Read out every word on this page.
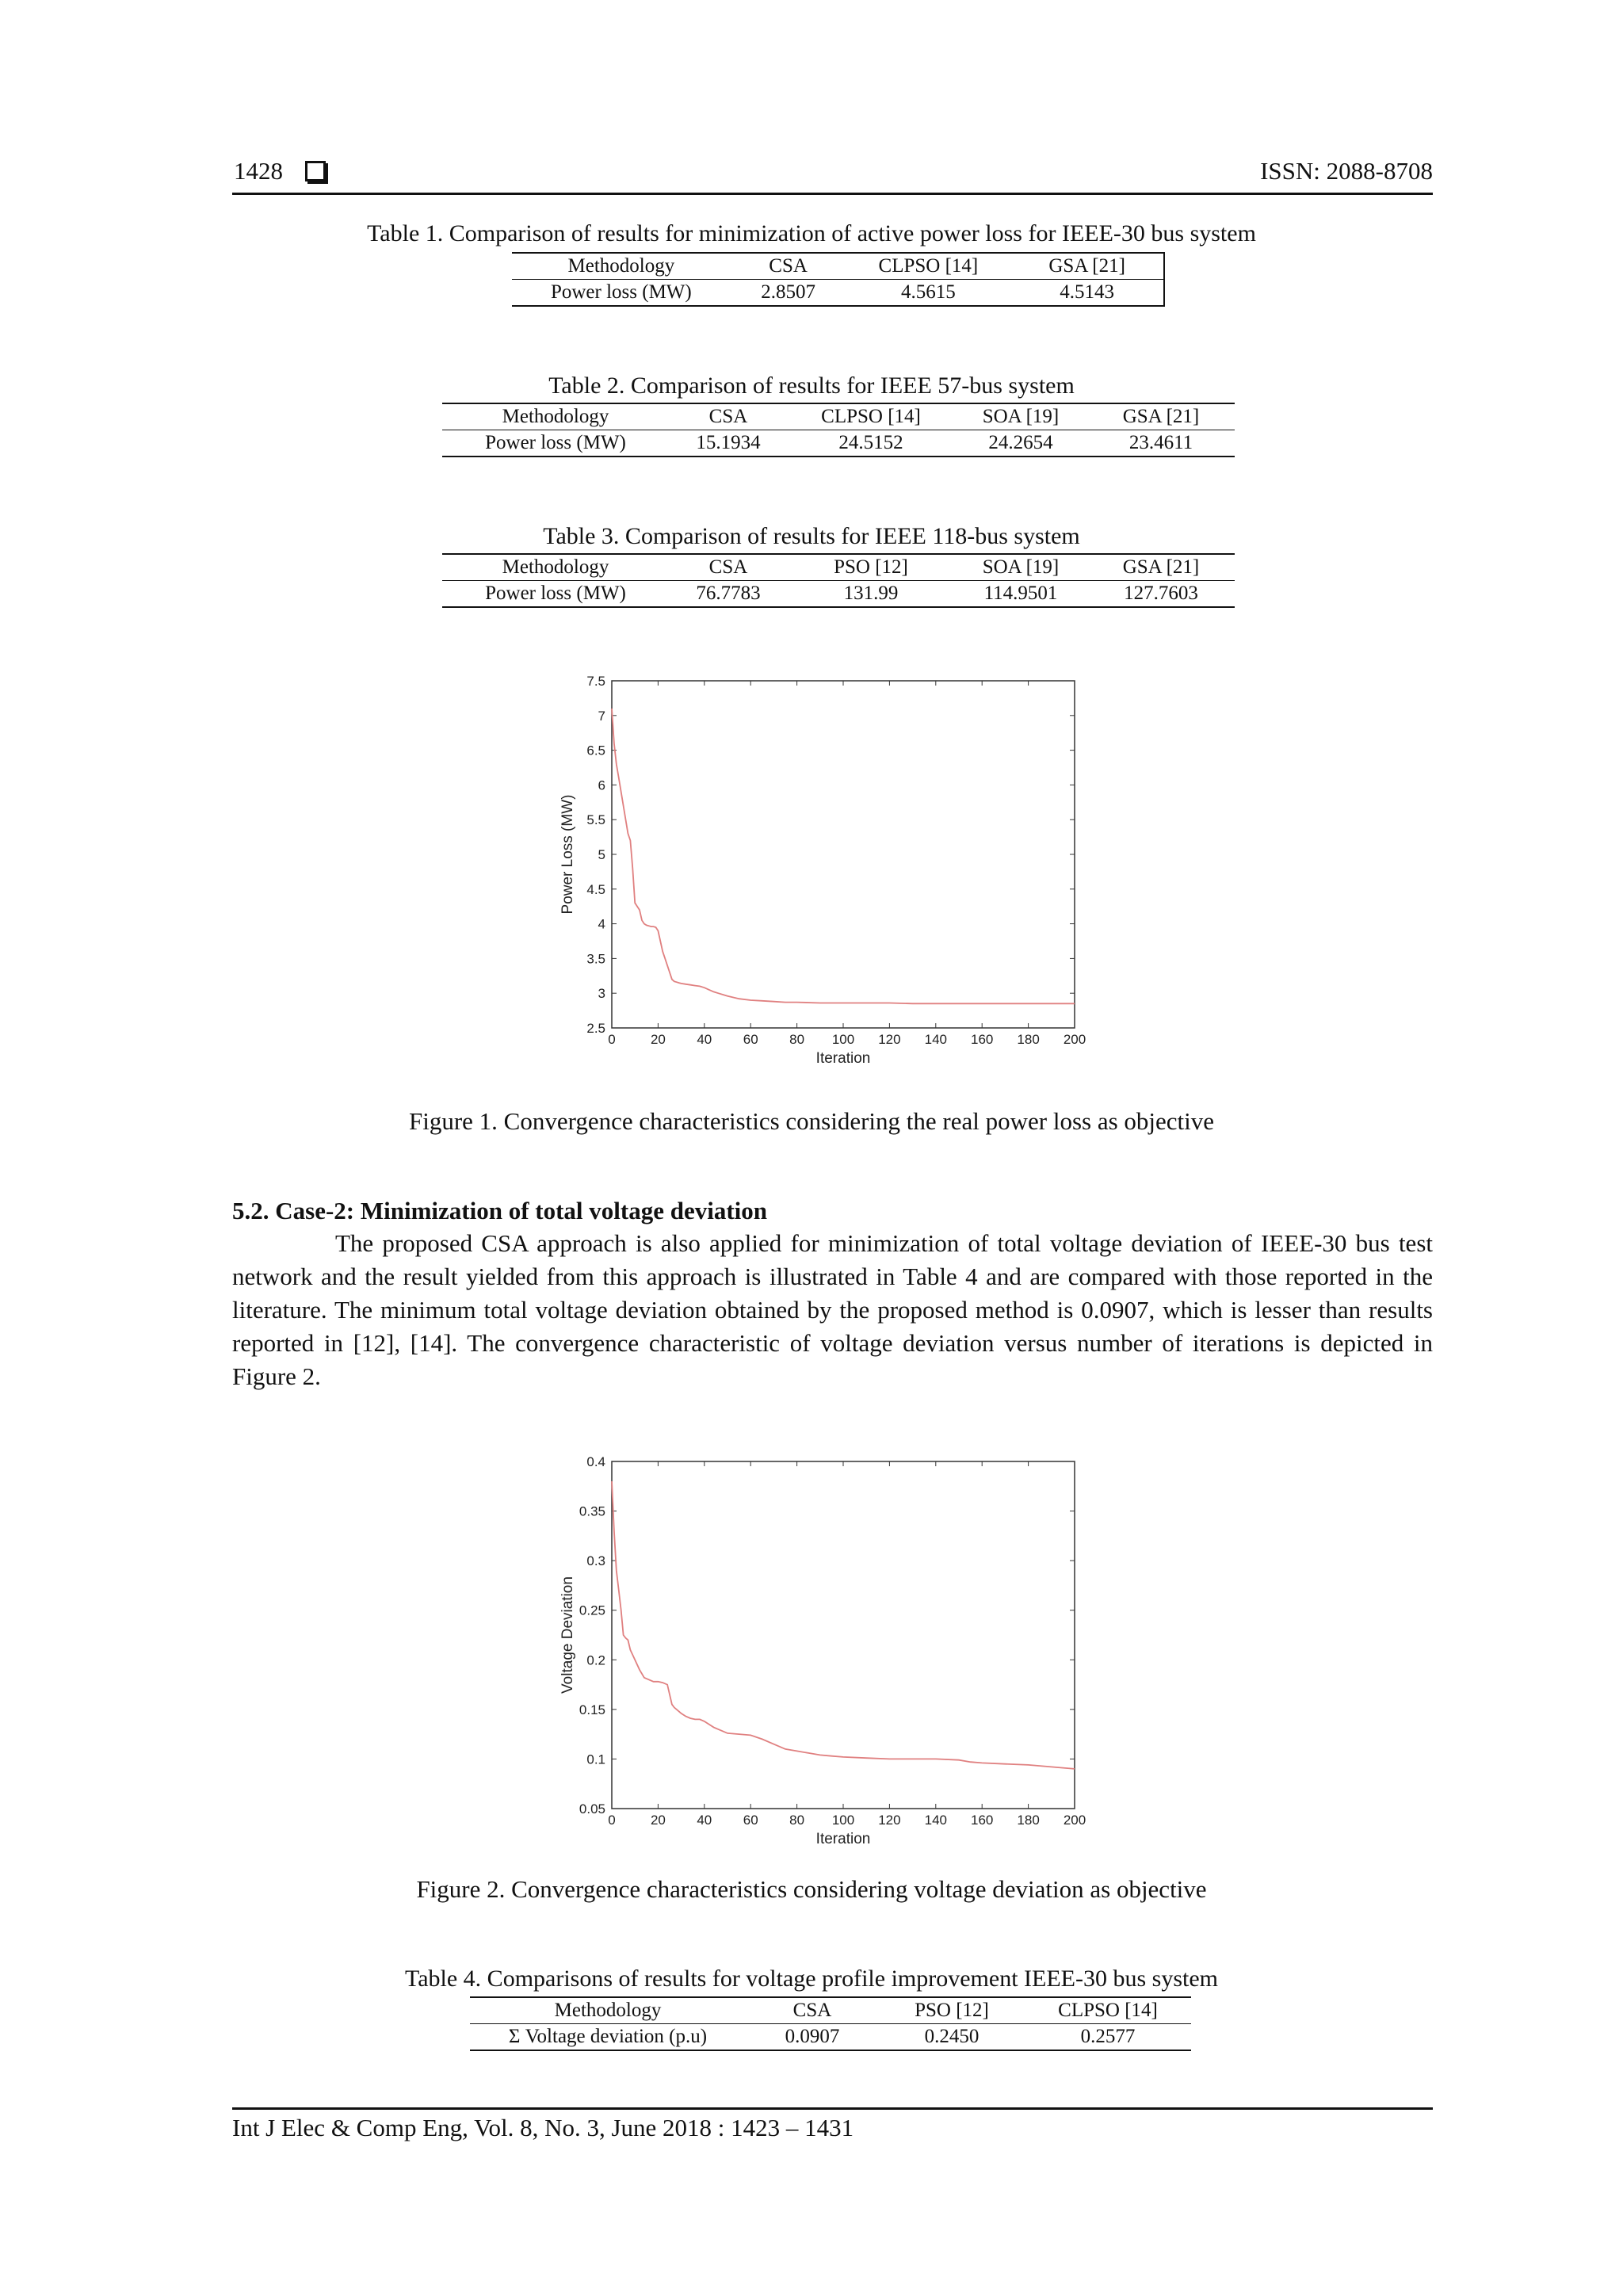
1428	ISSN: 2088-8708
Table 1. Comparison of results for minimization of active power loss for IEEE-30 bus system
Methodology	CSA	CLPSO [14]	GSA [21]
Power loss (MW)	2.8507	4.5615	4.5143
Table 2. Comparison of results for IEEE 57-bus system
Methodology	CSA	CLPSO [14]	SOA [19]	GSA [21]
Power loss (MW)	15.1934	24.5152	24.2654	23.4611
Table 3. Comparison of results for IEEE 118-bus system
Methodology	CSA	PSO [12]	SOA [19]	GSA [21]
Power loss (MW)	76.7783	131.99	114.9501	127.7603
0	20 40 60 80 100 120 140 160 180 200
2.5
3
3.5
4
4.5
5
5.5
6
6.5
7
7.5
Iteration
Power Loss (MW)
Figure 1. Convergence characteristics considering the real power loss as objective
5.2. Case-2: Minimization of total voltage deviation
The proposed CSA approach is also applied for minimization of total voltage deviation of IEEE-30 bus test network and the result yielded from this approach is illustrated in Table 4 and are compared with those reported in the literature. The minimum total voltage deviation obtained by the proposed method is 0.0907, which is lesser than results reported in [12], [14]. The convergence characteristic of voltage deviation versus number of iterations is depicted in Figure 2.
0	20 40 60 80 100 120 140 160 180 200
0.05
0.1
0.15
0.2
0.25
0.3
0.35
0.4
Iteration
Voltage Deviation
Figure 2. Convergence characteristics considering voltage deviation as objective
Table 4. Comparisons of results for voltage profile improvement IEEE-30 bus system
Methodology	CSA	PSO [12]	CLPSO [14]
Σ Voltage deviation (p.u)	0.0907	0.2450	0.2577
Int J Elec & Comp Eng, Vol. 8, No. 3, June 2018 : 1423 – 1431
